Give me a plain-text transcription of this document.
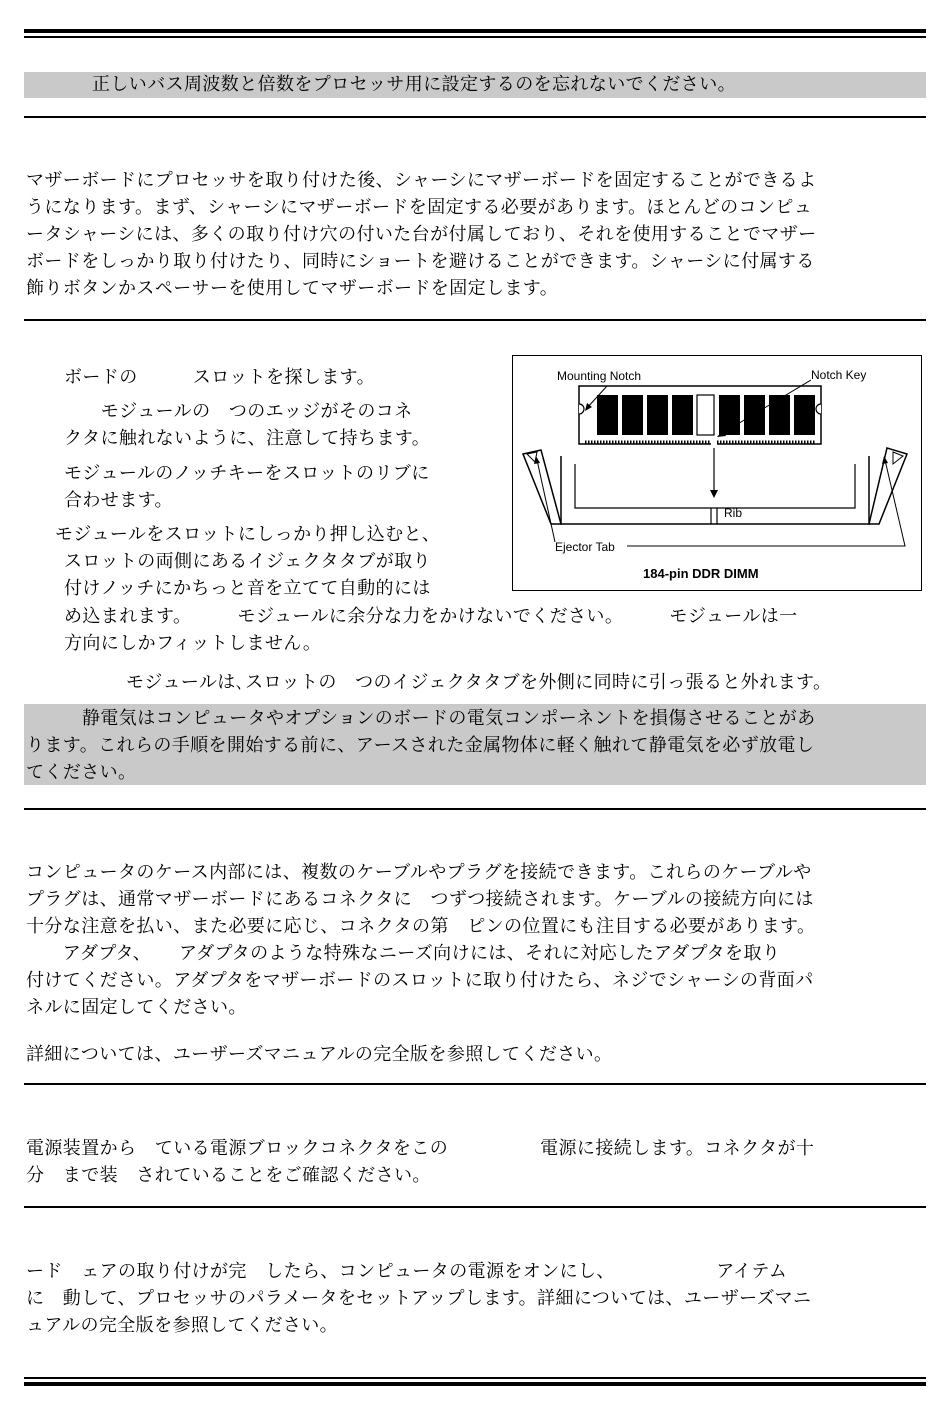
正しいバス周波数と倍数をプロセッサ用に設定するのを忘れないでください。
マザーボードにプロセッサを取り付けた後、シャーシにマザーボードを固定することができるよ
うになります。まず、シャーシにマザーボードを固定する必要があります。ほとんどのコンピュ
ータシャーシには、多くの取り付け穴の付いた台が付属しており、それを使用することでマザー
ボードをしっかり取り付けたり、同時にショートを避けることができます。シャーシに付属する
飾りボタンかスペーサーを使用してマザーボードを固定します。
ボードの　　　スロットを探します。
　　モジュールの　つのエッジがそのコネ
クタに触れないように、注意して持ちます。
モジュールのノッチキーをスロットのリブに
合わせます。
モジュールをスロットにしっかり押し込むと、
スロットの両側にあるイジェクタタブが取り
付けノッチにかちっと音を立てて自動的には
め込まれます。　　　モジュールに余分な力をかけないでください。　　　モジュールは一
方向にしかフィットしません。
Mounting Notch	Notch Key
Rib
Ejector Tab
184-pin DDR DIMM
モジュールは､スロットの　つのイジェクタタブを外側に同時に引っ張ると外れます。
静電気はコンピュータやオプションのボードの電気コンポーネントを損傷させることがあ
ります。これらの手順を開始する前に、アースされた金属物体に軽く触れて静電気を必ず放電し
てください。
コンピュータのケース内部には、複数のケーブルやプラグを接続できます。これらのケーブルや
プラグは、通常マザーボードにあるコネクタに　つずつ接続されます。ケーブルの接続方向には
十分な注意を払い、また必要に応じ、コネクタの第　ピンの位置にも注目する必要があります。
　　アダプタ、　　アダプタのような特殊なニーズ向けには、それに対応したアダプタを取り
付けてください。アダプタをマザーボードのスロットに取り付けたら、ネジでシャーシの背面パ
ネルに固定してください。
詳細については、ユーザーズマニュアルの完全版を参照してください。
電源装置から　ている電源ブロックコネクタをこの　　　　　電源に接続します。コネクタが十
分　まで装　されていることをご確認ください。
ード　ェアの取り付けが完　したら、コンピュータの電源をオンにし、　　　　　　アイテム
に　動して、プロセッサのパラメータをセットアップします。詳細については、ユーザーズマニ
ュアルの完全版を参照してください。
